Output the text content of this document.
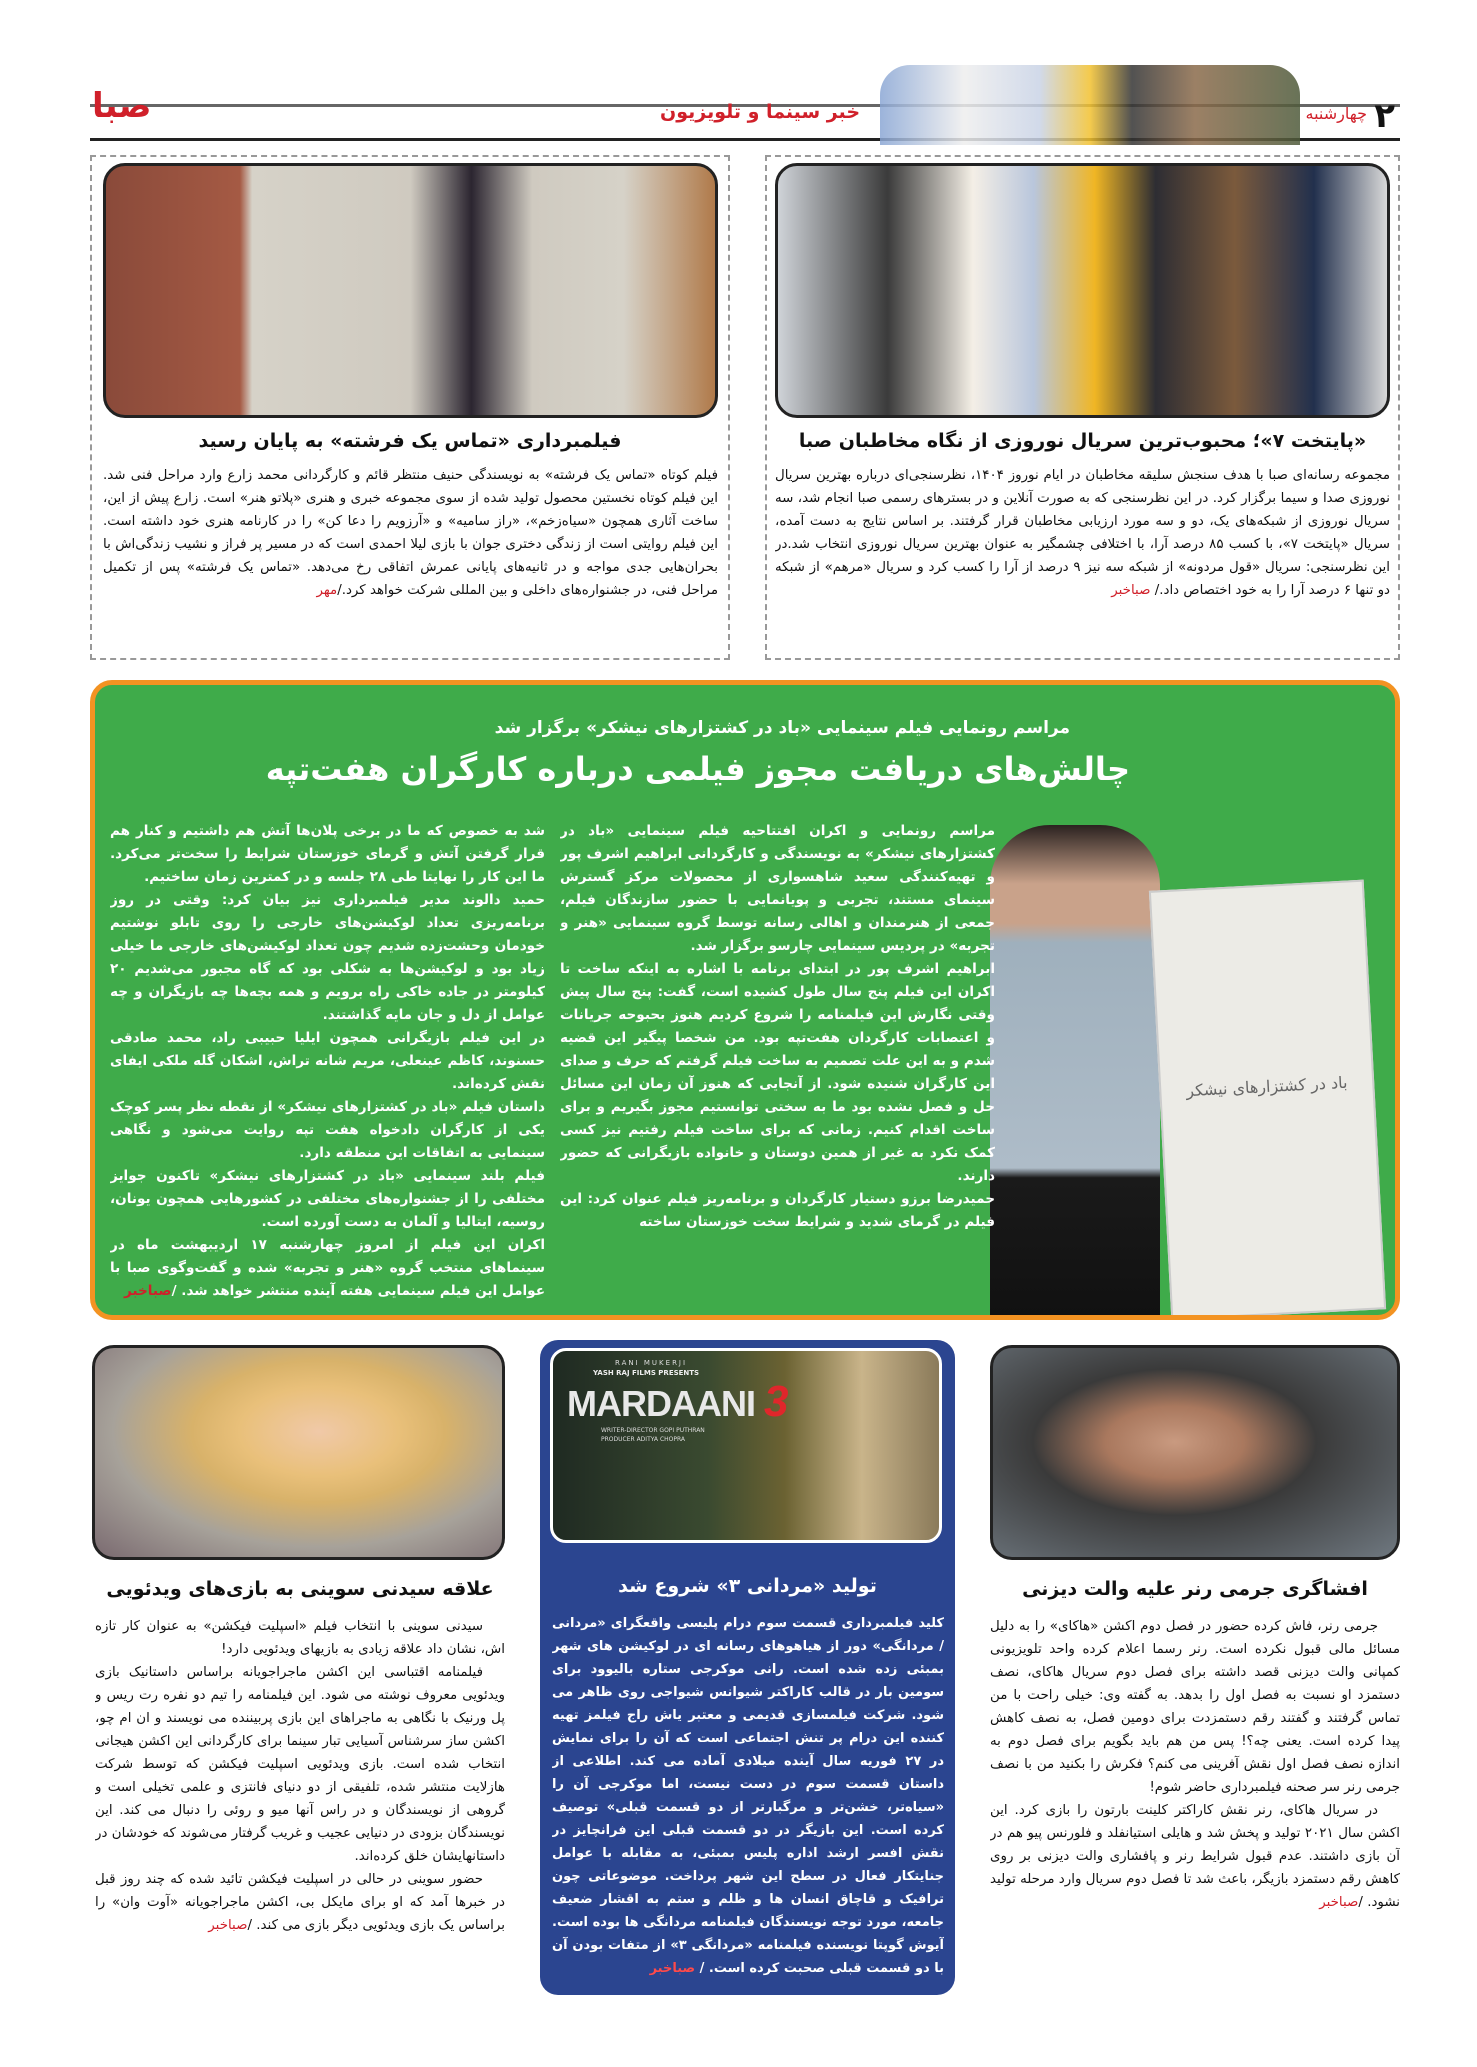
۲
چهارشنبه
خبر سینما و تلویزیون
صبا
«پایتخت ۷»؛ محبوب‌ترین سریال نوروزی از نگاه مخاطبان صبا
مجموعه رسانه‌ای صبا با هدف سنجش سلیقه مخاطبان در ایام نوروز ۱۴۰۴، نظرسنجی‌ای درباره بهترین سریال نوروزی صدا و سیما برگزار کرد. در این نظرسنجی که به صورت آنلاین و در بسترهای رسمی صبا انجام شد، سه سریال نوروزی از شبکه‌های یک، دو و سه مورد ارزیابی مخاطبان قرار گرفتند. بر اساس نتایج به دست آمده، سریال «پایتخت ۷»، با کسب ۸۵ درصد آرا، با اختلافی چشمگیر به عنوان بهترین سریال نوروزی انتخاب شد.در این نظرسنجی: سریال «قول مردونه» از شبکه سه نیز ۹ درصد از آرا را کسب کرد و سریال «مرهم» از شبکه دو تنها ۶ درصد آرا را به خود اختصاص داد./ صباخبر
فیلمبرداری «تماس یک فرشته» به پایان رسید
فیلم کوتاه «تماس یک فرشته» به نویسندگی حنیف منتظر قائم و کارگردانی محمد زارع وارد مراحل فنی شد. این فیلم کوتاه نخستین محصول تولید شده از سوی مجموعه خبری و هنری «پلاتو هنر» است. زارع پیش از این، ساخت آثاری همچون «سیاه‌زخم»، «راز سامیه» و «آرزویم را دعا کن» را در کارنامه هنری خود داشته است. این فیلم روایتی است از زندگی دختری جوان با بازی لیلا احمدی است که در مسیر پر فراز و نشیب زندگی‌اش با بحران‌هایی جدی مواجه و در ثانیه‌های پایانی عمرش اتفاقی رخ می‌دهد. «تماس یک فرشته» پس از تکمیل مراحل فنی، در جشنواره‌های داخلی و بین المللی شرکت خواهد کرد./مهر
مراسم رونمایی فیلم سینمایی «باد در کشتزارهای نیشکر» برگزار شد
چالش‌های دریافت مجوز فیلمی درباره کارگران هفت‌تپه
باد در کشتزارهای نیشکر

مراسم رونمایی و اکران افتتاحیه فیلم سینمایی «باد در کشتزارهای نیشکر» به نویسندگی و کارگردانی ابراهیم اشرف پور و تهیه‌کنندگی سعید شاهسواری از محصولات مرکز گسترش سینمای مستند، تجربی و پویانمایی با حضور سازندگان فیلم، جمعی از هنرمندان و اهالی رسانه توسط گروه سینمایی «هنر و تجربه» در پردیس سینمایی چارسو برگزار شد.

ابراهیم اشرف پور در ابتدای برنامه با اشاره به اینکه ساخت تا اکران این فیلم پنج سال طول کشیده است، گفت: پنج سال پیش وقتی نگارش این فیلمنامه را شروع کردیم هنوز بحبوحه جریانات و اعتصابات کارگردان هفت‌تپه بود. من شخصا پیگیر این قضیه شدم و به این علت تصمیم به ساخت فیلم گرفتم که حرف و صدای این کارگران شنیده شود. از آنجایی که هنوز آن زمان این مسائل حل و فصل نشده بود ما به سختی توانستیم مجوز بگیریم و برای ساخت اقدام کنیم. زمانی که برای ساخت فیلم رفتیم نیز کسی کمک نکرد به غیر از همین دوستان و خانواده بازیگرانی که حضور دارند.

حمیدرضا برزو دستیار کارگردان و برنامه‌ریز فیلم عنوان کرد: این فیلم در گرمای شدید و شرایط سخت خوزستان ساخته

شد به خصوص که ما در برخی پلان‌ها آتش هم داشتیم و کنار هم قرار گرفتن آتش و گرمای خوزستان شرایط را سخت‌تر می‌کرد. ما این کار را نهایتا طی ۲۸ جلسه و در کمترین زمان ساختیم.

حمید دالوند مدیر فیلمبرداری نیز بیان کرد: وقتی در روز برنامه‌ریزی تعداد لوکیشن‌های خارجی را روی تابلو نوشتیم خودمان وحشت‌زده شدیم چون تعداد لوکیشن‌های خارجی ما خیلی زیاد بود و لوکیشن‌ها به شکلی بود که گاه مجبور می‌شدیم ۲۰ کیلومتر در جاده خاکی راه برویم و همه بچه‌ها چه بازیگران و چه عوامل از دل و جان مایه گذاشتند.

در این فیلم بازیگرانی همچون ایلیا حبیبی راد، محمد صادقی حسنوند، کاظم عینعلی، مریم شانه تراش، اشکان گله ملکی ایفای نقش کرده‌اند.

داستان فیلم «باد در کشتزارهای نیشکر» از نقطه نظر پسر کوچک یکی از کارگران دادخواه هفت تپه روایت می‌شود و نگاهی سینمایی به اتفاقات این منطقه دارد.

فیلم بلند سینمایی «باد در کشتزارهای نیشکر» تاکنون جوایز مختلفی را از جشنواره‌های مختلفی در کشورهایی همچون یونان، روسیه، ایتالیا و آلمان به دست آورده است.

اکران این فیلم از امروز چهارشنبه ۱۷ اردیبهشت ماه در سینماهای منتخب گروه «هنر و تجربه» شده و گفت‌وگوی صبا با عوامل این فیلم سینمایی هفته آینده منتشر خواهد شد. /صباخبر

افشاگری جرمی رنر علیه والت دیزنی

جرمی رنر، فاش کرده حضور در فصل دوم اکشن «هاکای» را به دلیل مسائل مالی قبول نکرده است. رنر رسما اعلام کرده واحد تلویزیونی کمپانی والت دیزنی قصد داشته برای فصل دوم سریال هاکای، نصف دستمزد او نسبت به فصل اول را بدهد. به گفته وی: خیلی راحت با من تماس گرفتند و گفتند رقم دستمزدت برای دومین فصل، به نصف کاهش پیدا کرده است. یعنی چه؟! پس من هم باید بگویم برای فصل دوم به اندازه نصف فصل اول نقش آفرینی می کنم؟ فکرش را بکنید من با نصف جرمی رنر سر صحنه فیلمبرداری حاضر شوم!

در سریال هاکای، رنر نقش کاراکتر کلینت بارتون را بازی کرد. این اکشن سال ۲۰۲۱ تولید و پخش شد و هایلی استیانفلد و فلورنس پیو هم در آن بازی داشتند. عدم قبول شرایط رنر و پافشاری والت دیزنی بر روی کاهش رقم دستمزد بازیگر، باعث شد تا فصل دوم سریال وارد مرحله تولید نشود. /صباخبر

RANI MUKERJI
YASH RAJ FILMS PRESENTS
MARDAANI 3
WRITER-DIRECTOR GOPI PUTHRAN
PRODUCER ADITYA CHOPRA
تولید «مردانی ۳» شروع شد
کلید فیلمبرداری قسمت سوم درام پلیسی واقعگرای «مردانی / مردانگی» دور از هیاهوهای رسانه ای در لوکیشن های شهر بمبئی زده شده است. رانی موکرجی ستاره بالیوود برای سومین بار در قالب کاراکتر شیوانس شیواجی روی ظاهر می شود. شرکت فیلمسازی قدیمی و معتبر یاش راج فیلمز تهیه کننده این درام پر تنش اجتماعی است که آن را برای نمایش در ۲۷ فوریه سال آینده میلادی آماده می کند. اطلاعی از داستان قسمت سوم در دست نیست، اما موکرجی آن را «سیاه‌تر، خشن‌تر و مرگبارتر از دو قسمت قبلی» توصیف کرده است. این بازیگر در دو قسمت قبلی این فرانچایز در نقش افسر ارشد اداره پلیس بمبئی، به مقابله با عوامل جنایتکار فعال در سطح این شهر پرداخت. موضوعاتی چون ترافیک و قاچاق انسان ها و ظلم و ستم به اقشار ضعیف جامعه، مورد توجه نویسندگان فیلمنامه مردانگی ها بوده است. آیوش گوپتا نویسنده فیلمنامه «مردانگی ۳» از متفات بودن آن با دو قسمت قبلی صحبت کرده است. / صباخبر
علاقه سیدنی سوینی به بازی‌های ویدئویی

سیدنی سوینی با انتخاب فیلم «اسپلیت فیکشن» به عنوان کار تازه اش، نشان داد علاقه زیادی به بازیهای ویدئویی دارد!

فیلمنامه اقتباسی این اکشن ماجراجویانه براساس داستانیک بازی ویدئویی معروف نوشته می شود. این فیلمنامه را تیم دو نفره رت ریس و پل ورنیک با نگاهی به ماجراهای این بازی پربیننده می نویسند و ان ام چو، اکشن ساز سرشناس آسیایی تبار سینما برای کارگردانی این اکشن هیجانی انتخاب شده است. بازی ویدئویی اسپلیت فیکشن که توسط شرکت هازلایت منتشر شده، تلفیقی از دو دنیای فانتزی و علمی تخیلی است و گروهی از نویسندگان و در راس آنها میو و روئی را دنبال می کند. این نویسندگان بزودی در دنیایی عجیب و غریب گرفتار می‌شوند که خودشان در داستانهایشان خلق کرده‌اند.

حضور سوینی در حالی در اسپلیت فیکشن تائید شده که چند روز قبل در خبرها آمد که او برای مایکل بی، اکشن ماجراجویانه «آوت وان» را براساس یک بازی ویدئویی دیگر بازی می کند. /صباخبر
